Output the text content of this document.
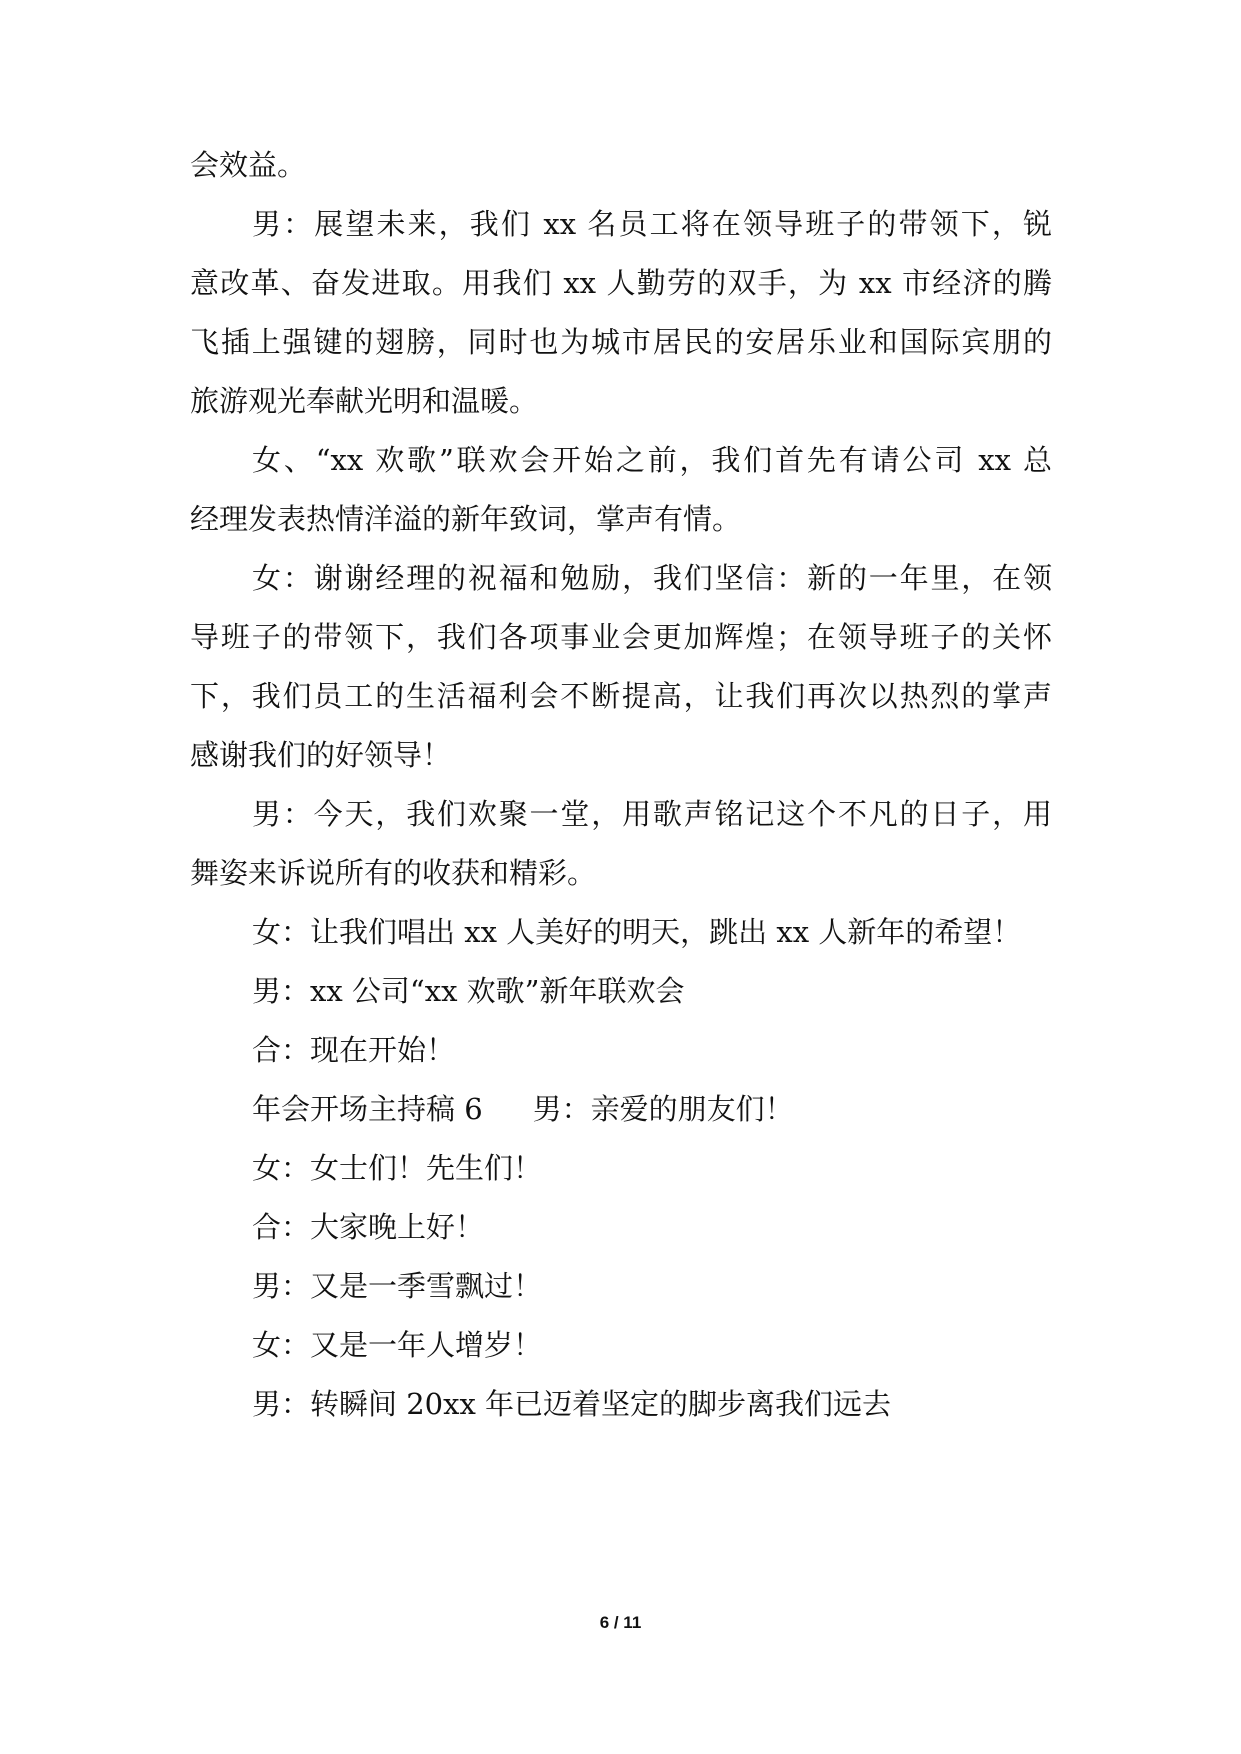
会效益。
男：展望未来，我们 xx 名员工将在领导班子的带领下，锐
意改革、奋发进取。用我们 xx 人勤劳的双手，为 xx 市经济的腾
飞插上强键的翅膀，同时也为城市居民的安居乐业和国际宾朋的
旅游观光奉献光明和温暖。
女、“xx 欢歌”联欢会开始之前，我们首先有请公司 xx 总
经理发表热情洋溢的新年致词，掌声有情。
女：谢谢经理的祝福和勉励，我们坚信：新的一年里，在领
导班子的带领下，我们各项事业会更加辉煌；在领导班子的关怀
下，我们员工的生活福利会不断提高，让我们再次以热烈的掌声
感谢我们的好领导！
男：今天，我们欢聚一堂，用歌声铭记这个不凡的日子，用
舞姿来诉说所有的收获和精彩。
女：让我们唱出 xx 人美好的明天，跳出 xx 人新年的希望！
男：xx 公司“xx 欢歌”新年联欢会
合：现在开始！
年会开场主持稿 6 男：亲爱的朋友们！
女：女士们！先生们！
合：大家晚上好！
男：又是一季雪飘过！
女：又是一年人增岁！
男：转瞬间 20xx 年已迈着坚定的脚步离我们远去
6 / 11
